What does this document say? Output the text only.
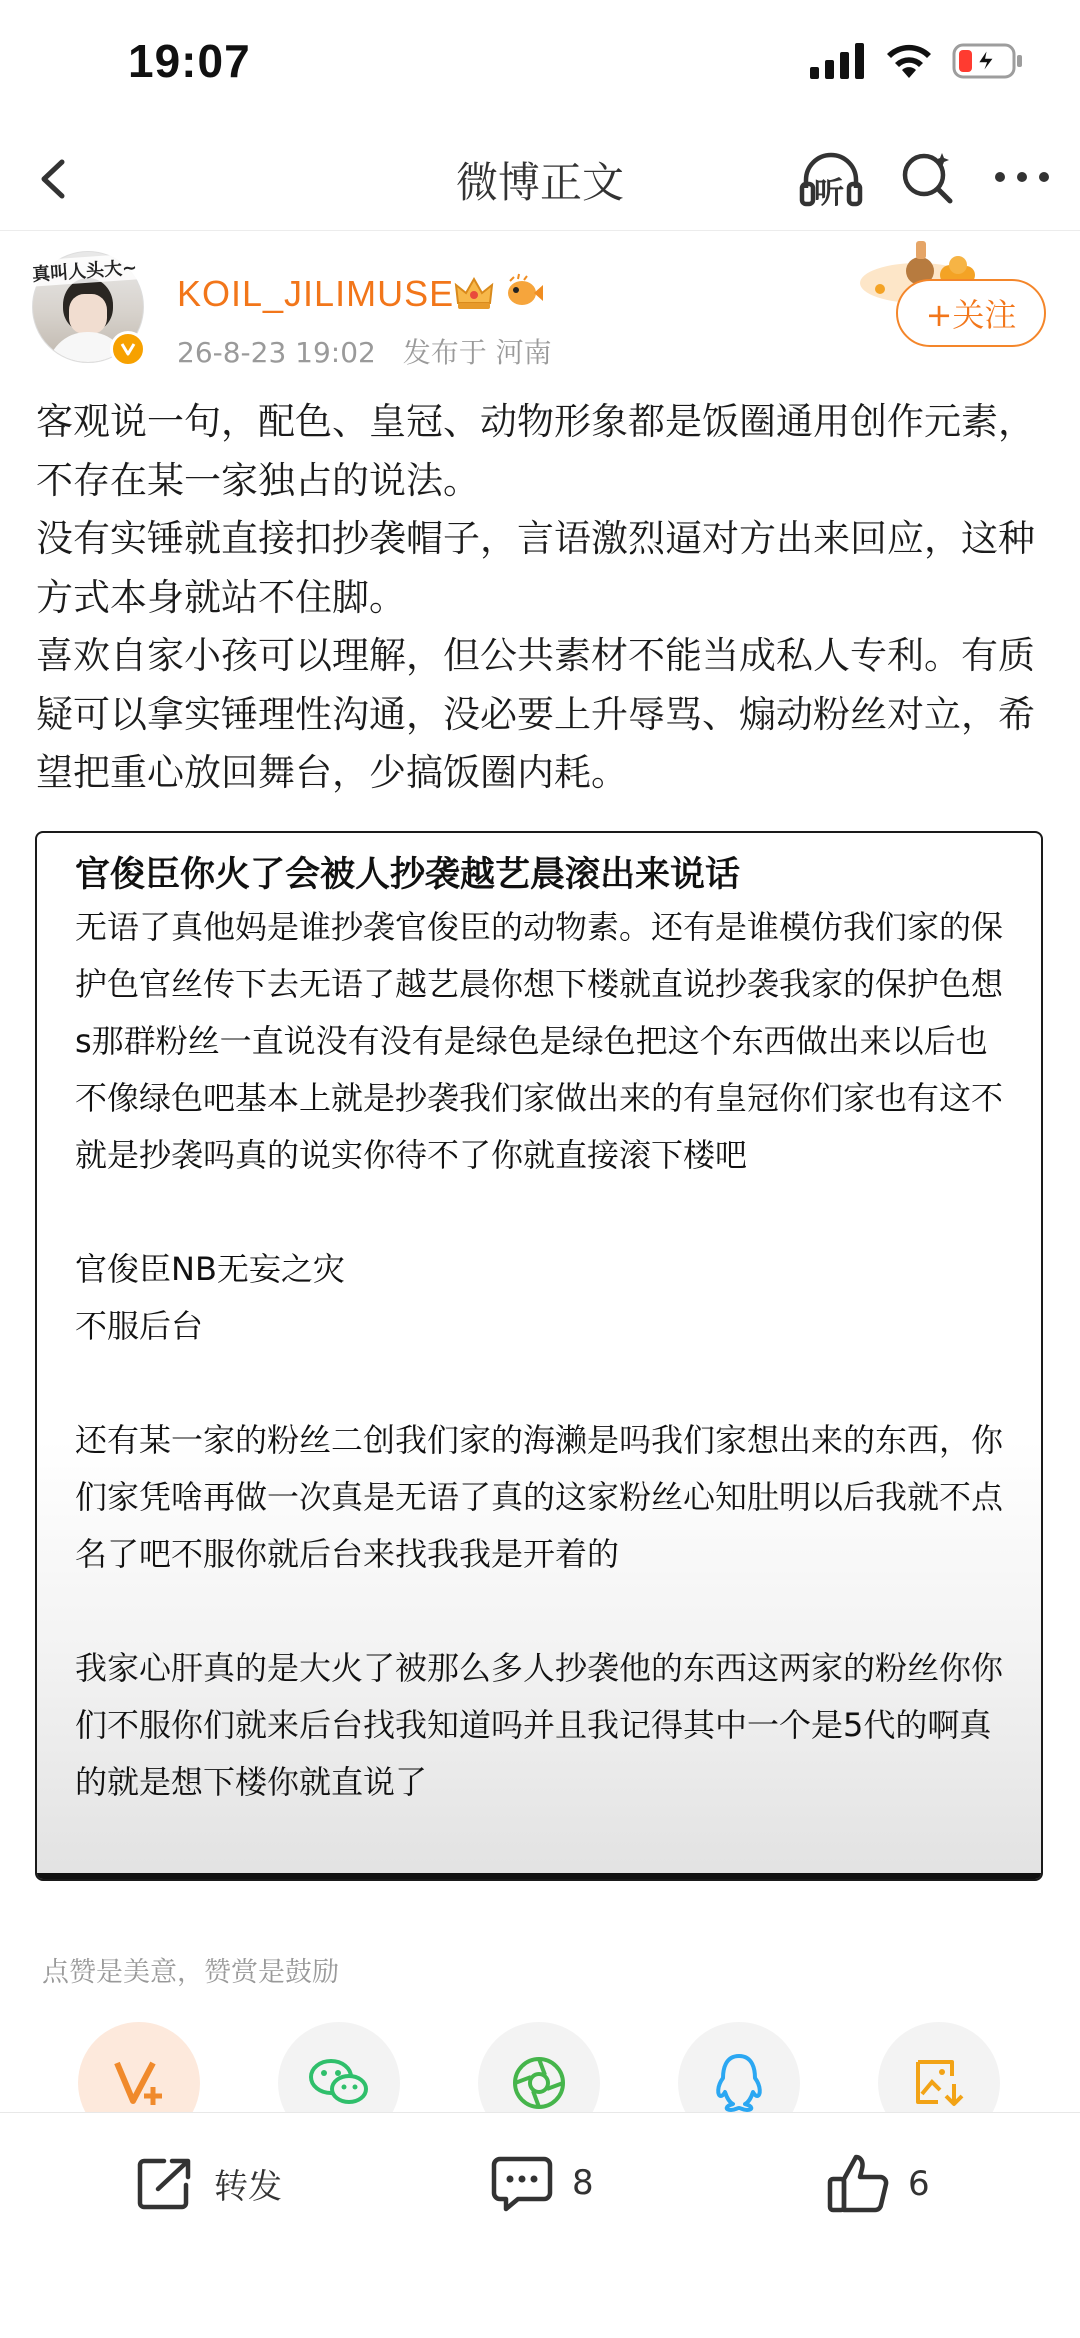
19:07
微博正文	听
真叫人头大~
KOIL_JILIMUSE
26-8-23 19:02 发布于 河南
+关注

客观说一句，配色、皇冠、动物形象都是饭圈通用创作元素，不存在某一家独占的说法。

没有实锤就直接扣抄袭帽子，言语激烈逼对方出来回应，这种方式本身就站不住脚。

喜欢自家小孩可以理解，但公共素材不能当成私人专利。有质疑可以拿实锤理性沟通，没必要上升辱骂、煽动粉丝对立，希望把重心放回舞台，少搞饭圈内耗。

官俊臣你火了会被人抄袭越艺晨滚出来说话

无语了真他妈是谁抄袭官俊臣的动物素。还有是谁模仿我们家的保护色官丝传下去无语了越艺晨你想下楼就直说抄袭我家的保护色想s那群粉丝一直说没有没有是绿色是绿色把这个东西做出来以后也不像绿色吧基本上就是抄袭我们家做出来的有皇冠你们家也有这不就是抄袭吗真的说实你待不了你就直接滚下楼吧

官俊臣NB无妄之灾

不服后台

还有某一家的粉丝二创我们家的海濑是吗我们家想出来的东西，你们家凭啥再做一次真是无语了真的这家粉丝心知肚明以后我就不点名了吧不服你就后台来找我我是开着的

我家心肝真的是大火了被那么多人抄袭他的东西这两家的粉丝你你们不服你们就来后台找我知道吗并且我记得其中一个是5代的啊真的就是想下楼你就直说了

点赞是美意，赞赏是鼓励
转发	8	6
